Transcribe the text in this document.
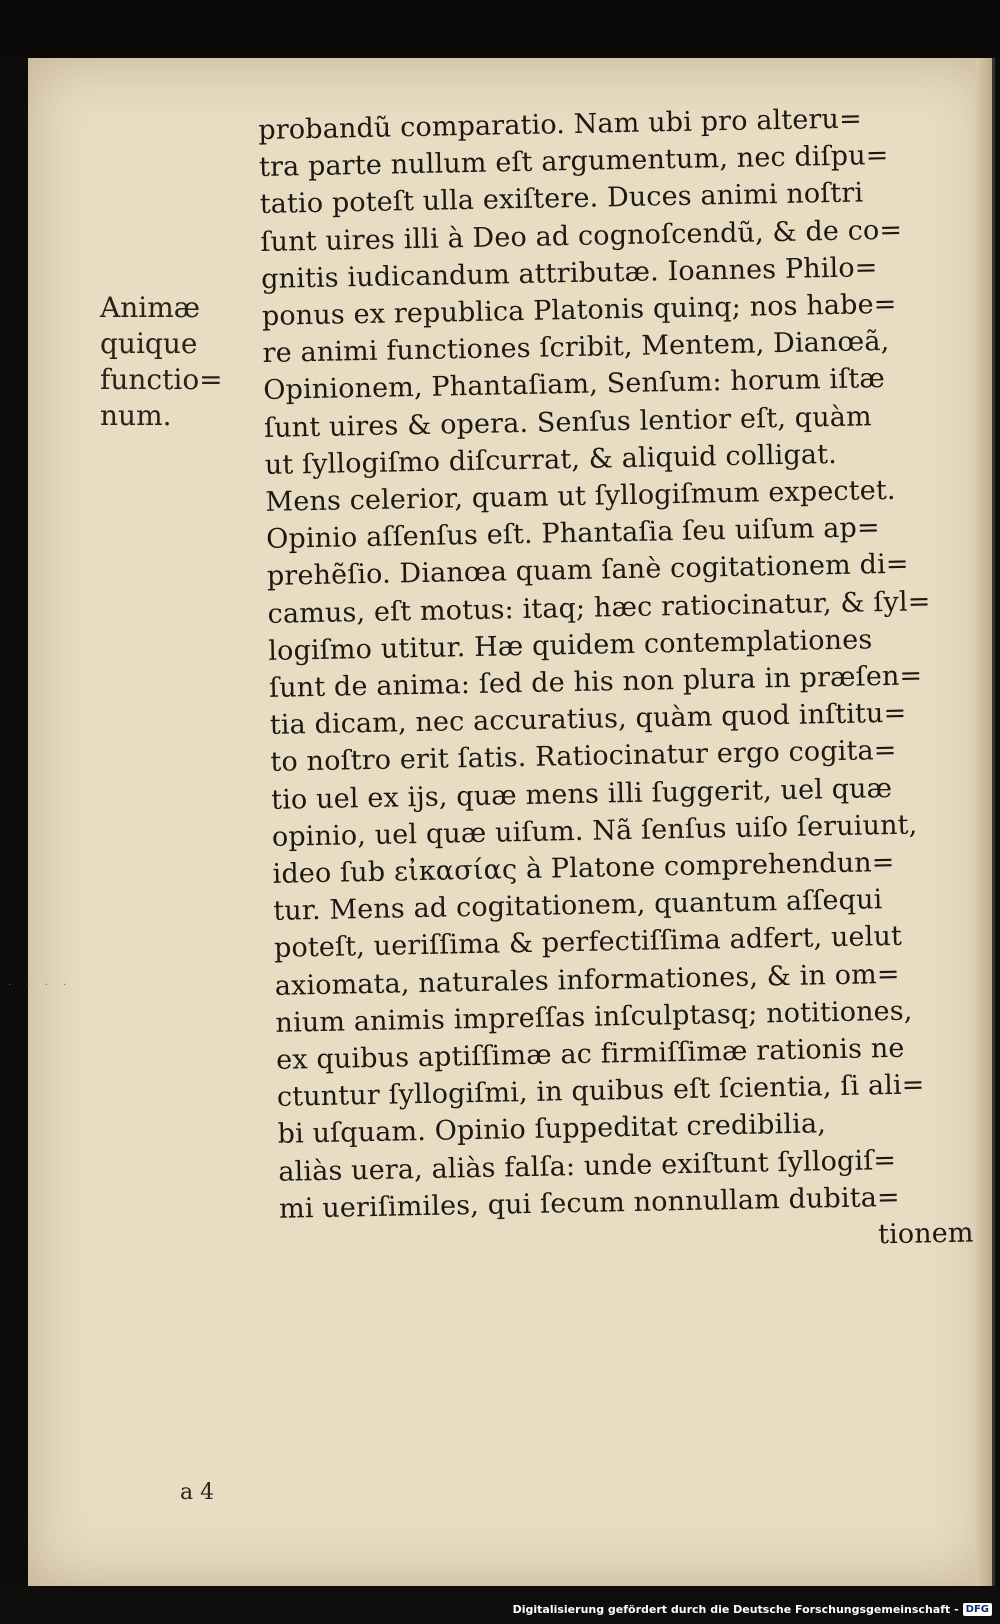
· · · ·
Animæ
quique
functio=
num.
probandũ comparatio. Nam ubi pro alteru=
tra parte nullum eſt argumentum, nec diſpu=
tatio poteſt ulla exiſtere. Duces animi noſtri
ſunt uires illi à Deo ad cognoſcendũ, & de co=
gnitis iudicandum attributæ. Ioannes Philo=
ponus ex republica Platonis quinq; nos habe=
re animi functiones ſcribit, Mentem, Dianœã,
Opinionem, Phantaſiam, Senſum: horum iſtæ
ſunt uires & opera. Senſus lentior eſt, quàm
ut ſyllogiſmo diſcurrat, & aliquid colligat.
Mens celerior, quam ut ſyllogiſmum expectet.
Opinio aſſenſus eſt. Phantaſia ſeu uiſum ap=
prehẽſio. Dianœa quam ſanè cogitationem di=
camus, eſt motus: itaq; hæc ratiocinatur, & ſyl=
logiſmo utitur. Hæ quidem contemplationes
ſunt de anima: ſed de his non plura in præſen=
tia dicam, nec accuratius, quàm quod inſtitu=
to noſtro erit ſatis. Ratiocinatur ergo cogita=
tio uel ex ijs, quæ mens illi ſuggerit, uel quæ
opinio, uel quæ uiſum. Nã ſenſus uiſo ſeruiunt,
ideo ſub εἰκασίας à Platone comprehendun=
tur. Mens ad cogitationem, quantum aſſequi
poteſt, ueriſſima & perfectiſſima adfert, uelut
axiomata, naturales informationes, & in om=
nium animis impreſſas inſculptasq; notitiones,
ex quibus aptiſſimæ ac firmiſſimæ rationis ne
ctuntur ſyllogiſmi, in quibus eſt ſcientia, ſi ali=
bi uſquam. Opinio ſuppeditat credibilia,
aliàs uera, aliàs falſa: unde exiſtunt ſyllogiſ=
mi ueriſimiles, qui ſecum nonnullam dubita=
tionem
a 4
Digitalisierung gefördert durch die Deutsche Forschungsgemeinschaft - DFG
